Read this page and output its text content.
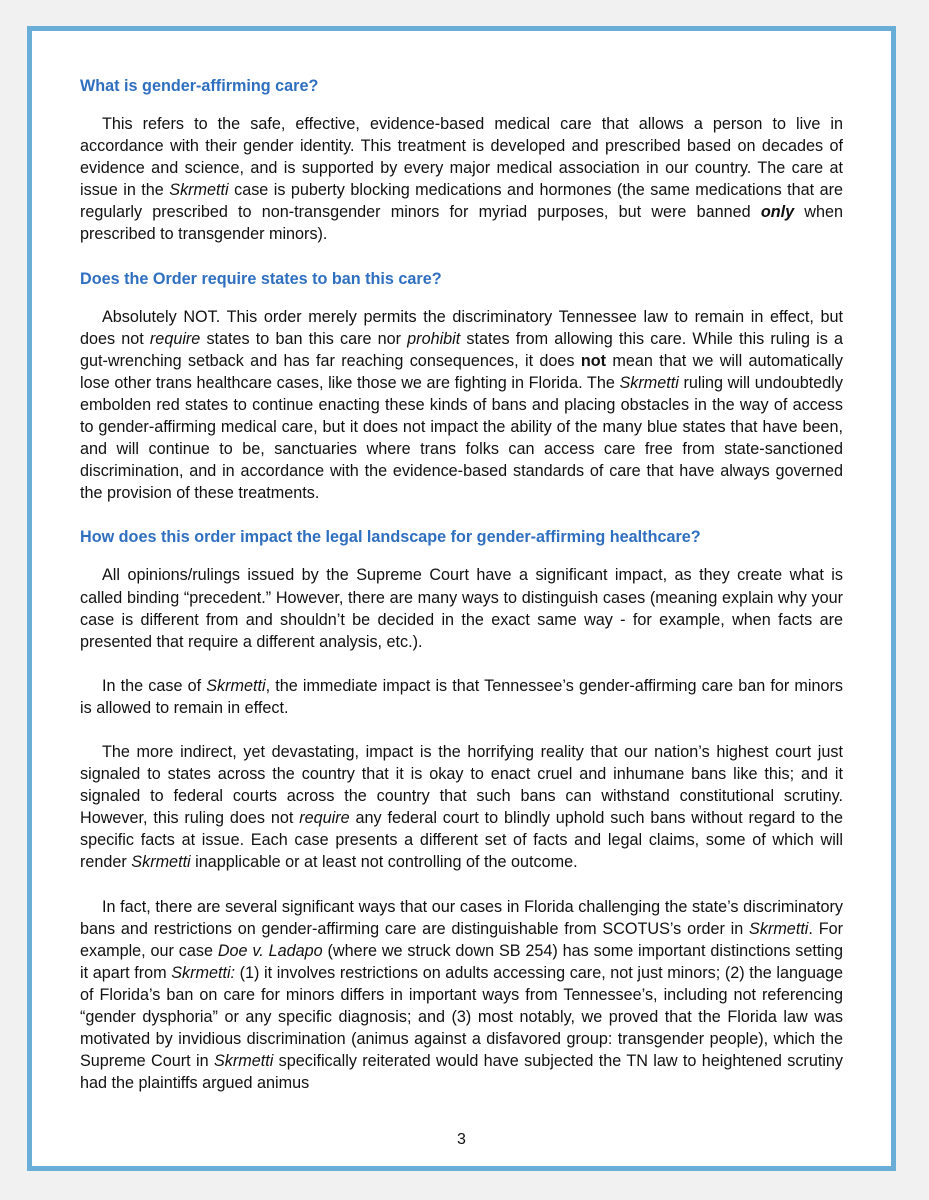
What is gender-affirming care?

This refers to the safe, effective, evidence-based medical care that allows a person to live in accordance with their gender identity. This treatment is developed and prescribed based on decades of evidence and science, and is supported by every major medical association in our country. The care at issue in the Skrmetti case is puberty blocking medications and hormones (the same medications that are regularly prescribed to non-transgender minors for myriad purposes, but were banned only when prescribed to transgender minors).

Does the Order require states to ban this care?

Absolutely NOT. This order merely permits the discriminatory Tennessee law to remain in effect, but does not require states to ban this care nor prohibit states from allowing this care. While this ruling is a gut-wrenching setback and has far reaching consequences, it does not mean that we will automatically lose other trans healthcare cases, like those we are fighting in Florida. The Skrmetti ruling will undoubtedly embolden red states to continue enacting these kinds of bans and placing obstacles in the way of access to gender-affirming medical care, but it does not impact the ability of the many blue states that have been, and will continue to be, sanctuaries where trans folks can access care free from state-sanctioned discrimination, and in accordance with the evidence-based standards of care that have always governed the provision of these treatments.

How does this order impact the legal landscape for gender-affirming healthcare?

All opinions/rulings issued by the Supreme Court have a significant impact, as they create what is called binding “precedent.” However, there are many ways to distinguish cases (meaning explain why your case is different from and shouldn’t be decided in the exact same way - for example, when facts are presented that require a different analysis, etc.).

In the case of Skrmetti, the immediate impact is that Tennessee’s gender-affirming care ban for minors is allowed to remain in effect.

The more indirect, yet devastating, impact is the horrifying reality that our nation’s highest court just signaled to states across the country that it is okay to enact cruel and inhumane bans like this; and it signaled to federal courts across the country that such bans can withstand constitutional scrutiny. However, this ruling does not require any federal court to blindly uphold such bans without regard to the specific facts at issue. Each case presents a different set of facts and legal claims, some of which will render Skrmetti inapplicable or at least not controlling of the outcome.

In fact, there are several significant ways that our cases in Florida challenging the state’s discriminatory bans and restrictions on gender-affirming care are distinguishable from SCOTUS’s order in Skrmetti. For example, our case Doe v. Ladapo (where we struck down SB 254) has some important distinctions setting it apart from Skrmetti: (1) it involves restrictions on adults accessing care, not just minors; (2) the language of Florida’s ban on care for minors differs in important ways from Tennessee’s, including not referencing “gender dysphoria” or any specific diagnosis; and (3) most notably, we proved that the Florida law was motivated by invidious discrimination (animus against a disfavored group: transgender people), which the Supreme Court in Skrmetti specifically reiterated would have subjected the TN law to heightened scrutiny had the plaintiffs argued animus

3
